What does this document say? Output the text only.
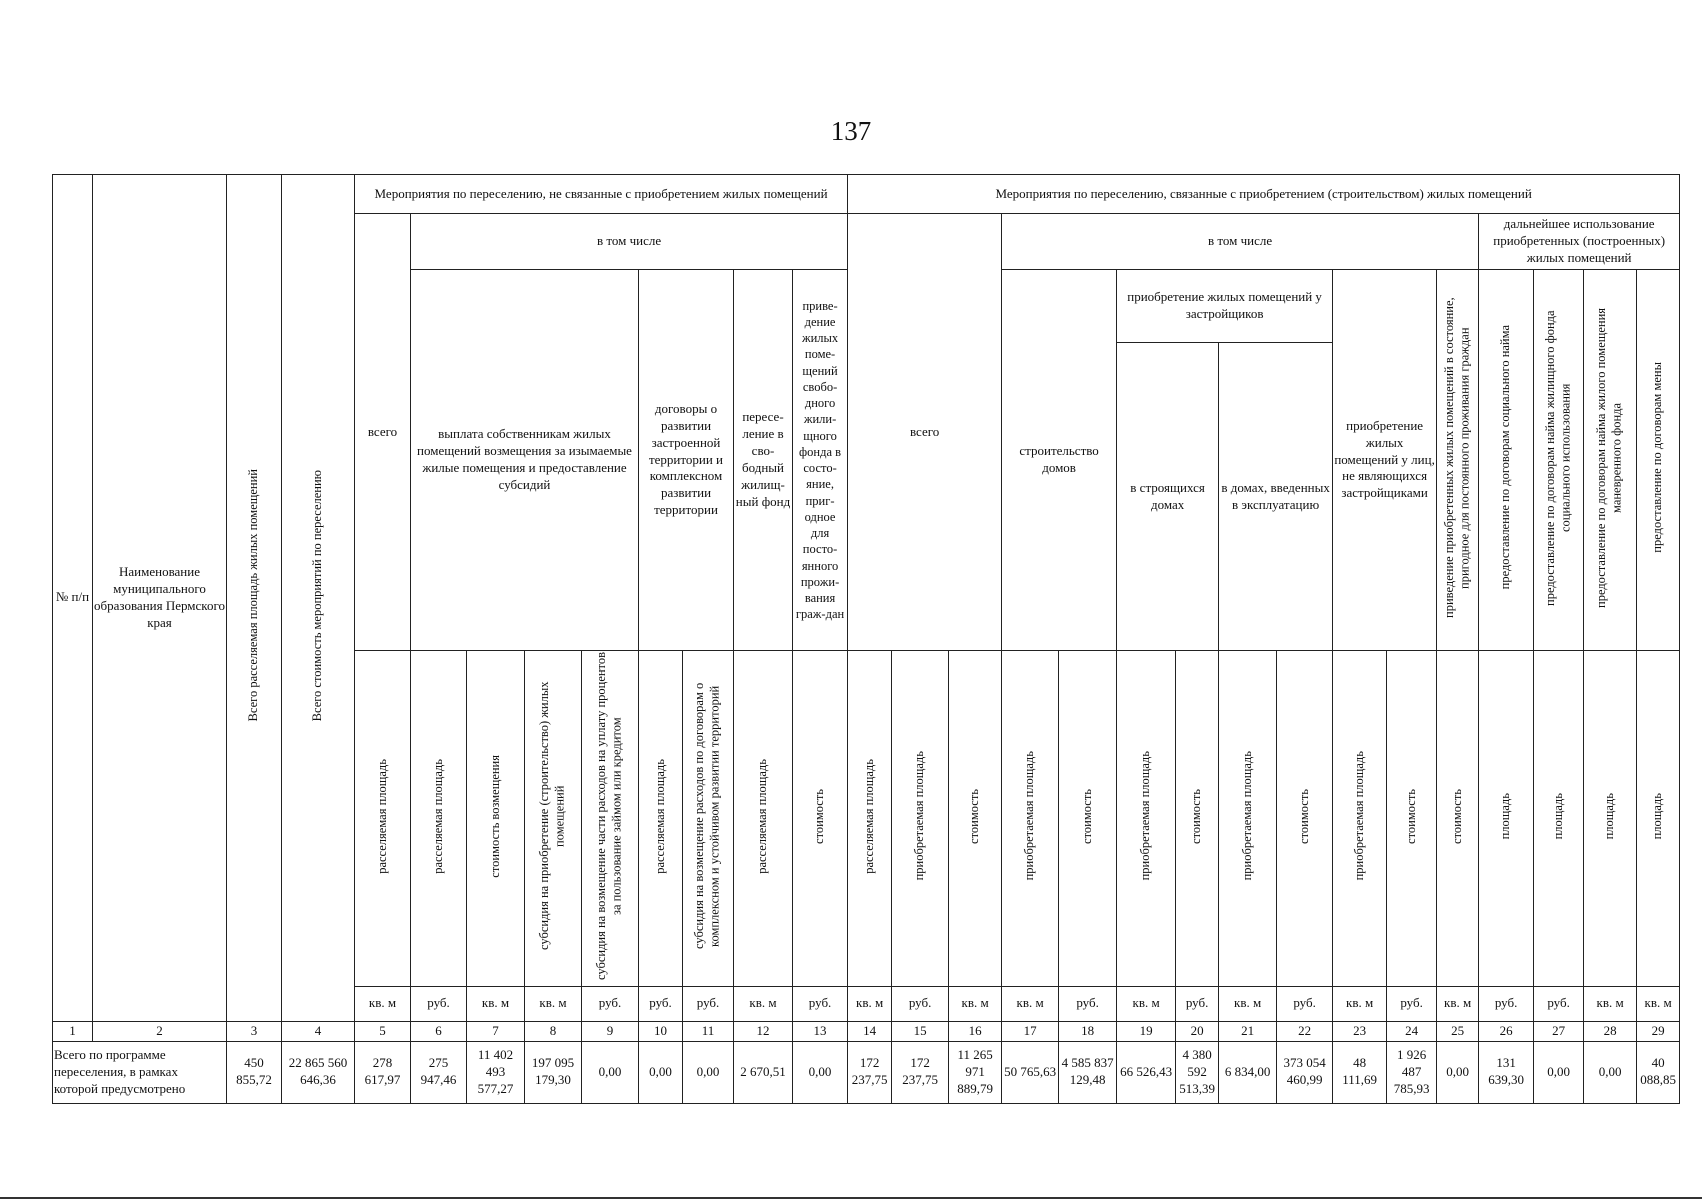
137
№ п/п	Наименование муниципального образования Пермского края	Всего расселяемая площадь жилых помещений	Всего стоимость мероприятий по переселению	Мероприятия по переселению, не связанные с приобретением жилых помещений									Мероприятия по переселению, связанные с приобретением (строительством) жилых помещений																
				всего	в том числе								всего			в том числе									дальнейшее использование приобретенных (построенных) жилых помещений				
					выплата собственникам жилых помещений возмещения за изымаемые жилые помещения и предоставление субсидий				договоры о развитии застроенной территории и комплексном развитии территории		пересе-ление в сво-бодный жилищ-ный фонд	приве-дение жилых поме-щений свобо-дного жили-щного фонда в состо-яние, приг-одное для посто-янного прожи-вания граж-дан				строительство домов		приобретение жилых помещений у застройщиков				приобретение жилых помещений у лиц, не являющихся застройщиками		приведение приобретенных жилых помещений в состояние, пригодное для постоянного проживания граждан	предоставление по договорам социального найма	предоставление по договорам найма жилищного фонда социального использования	предоставление по договорам найма жилого помещения маневренного фонда	предоставление по договорам мены	
																		в строящихся домах		в домах, введенных в эксплуатацию									
				расселяемая площадь	расселяемая площадь	стоимость возмещения	субсидия на приобретение (строительство) жилых помещений	субсидия на возмещение части расходов на уплату процентов за пользование займом или кредитом	расселяемая площадь	субсидия на возмещение расходов по договорам о комплексном и устойчивом развитии территорий	расселяемая площадь	стоимость	расселяемая площадь	приобретаемая площадь	стоимость	приобретаемая площадь	стоимость	приобретаемая площадь	стоимость	приобретаемая площадь	стоимость	приобретаемая площадь	стоимость	стоимость	площадь	площадь	площадь	площадь	
				кв. м	руб.	кв. м	кв. м	руб.	руб.	руб.	кв. м	руб.	кв. м	руб.	кв. м	кв. м	руб.	кв. м	руб.	кв. м	руб.	кв. м	руб.	кв. м	руб.	руб.	кв. м	кв. м		
1	2	3	4	5	6	7	8	9	10	11	12	13	14	15	16	17	18	19	20	21	22	23	24	25	26	27	28	29	
Всего по программе переселения, в рамках которой предусмотрено		450 855,72	22 865 560 646,36	278 617,97	275 947,46	11 402 493 577,27	197 095 179,30	0,00	0,00	0,00	2 670,51	0,00	172 237,75	172 237,75	11 265 971 889,79	50 765,63	4 585 837 129,48	66 526,43	4 380 592 513,39	6 834,00	373 054 460,99	48 111,69	1 926 487 785,93	0,00	131 639,30	0,00	0,00	40 088,85	
